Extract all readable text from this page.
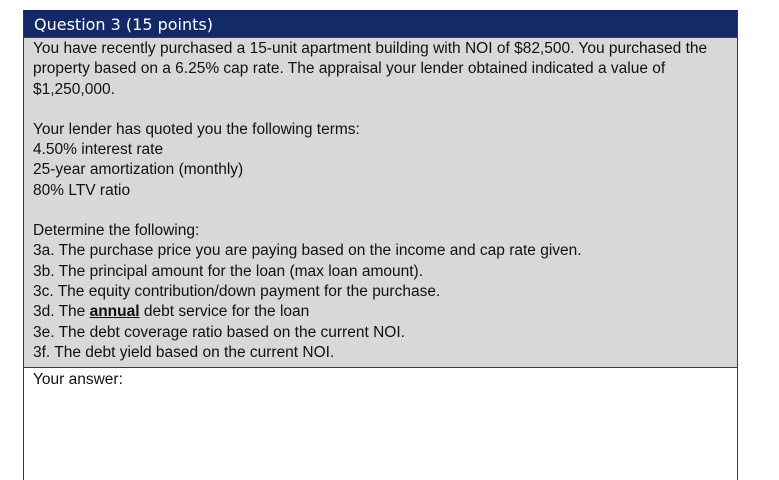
Question 3 (15 points)

You have recently purchased a 15-unit apartment building with NOI of $82,500. You purchased the

property based on a 6.25% cap rate. The appraisal your lender obtained indicated a value of $1,250,000.

Your lender has quoted you the following terms:

4.50% interest rate

25-year amortization (monthly)

80% LTV ratio

Determine the following:

3a. The purchase price you are paying based on the income and cap rate given.

3b. The principal amount for the loan (max loan amount).

3c. The equity contribution/down payment for the purchase.

3d. The annual debt service for the loan

3e. The debt coverage ratio based on the current NOI.

3f. The debt yield based on the current NOI.

Your answer:
